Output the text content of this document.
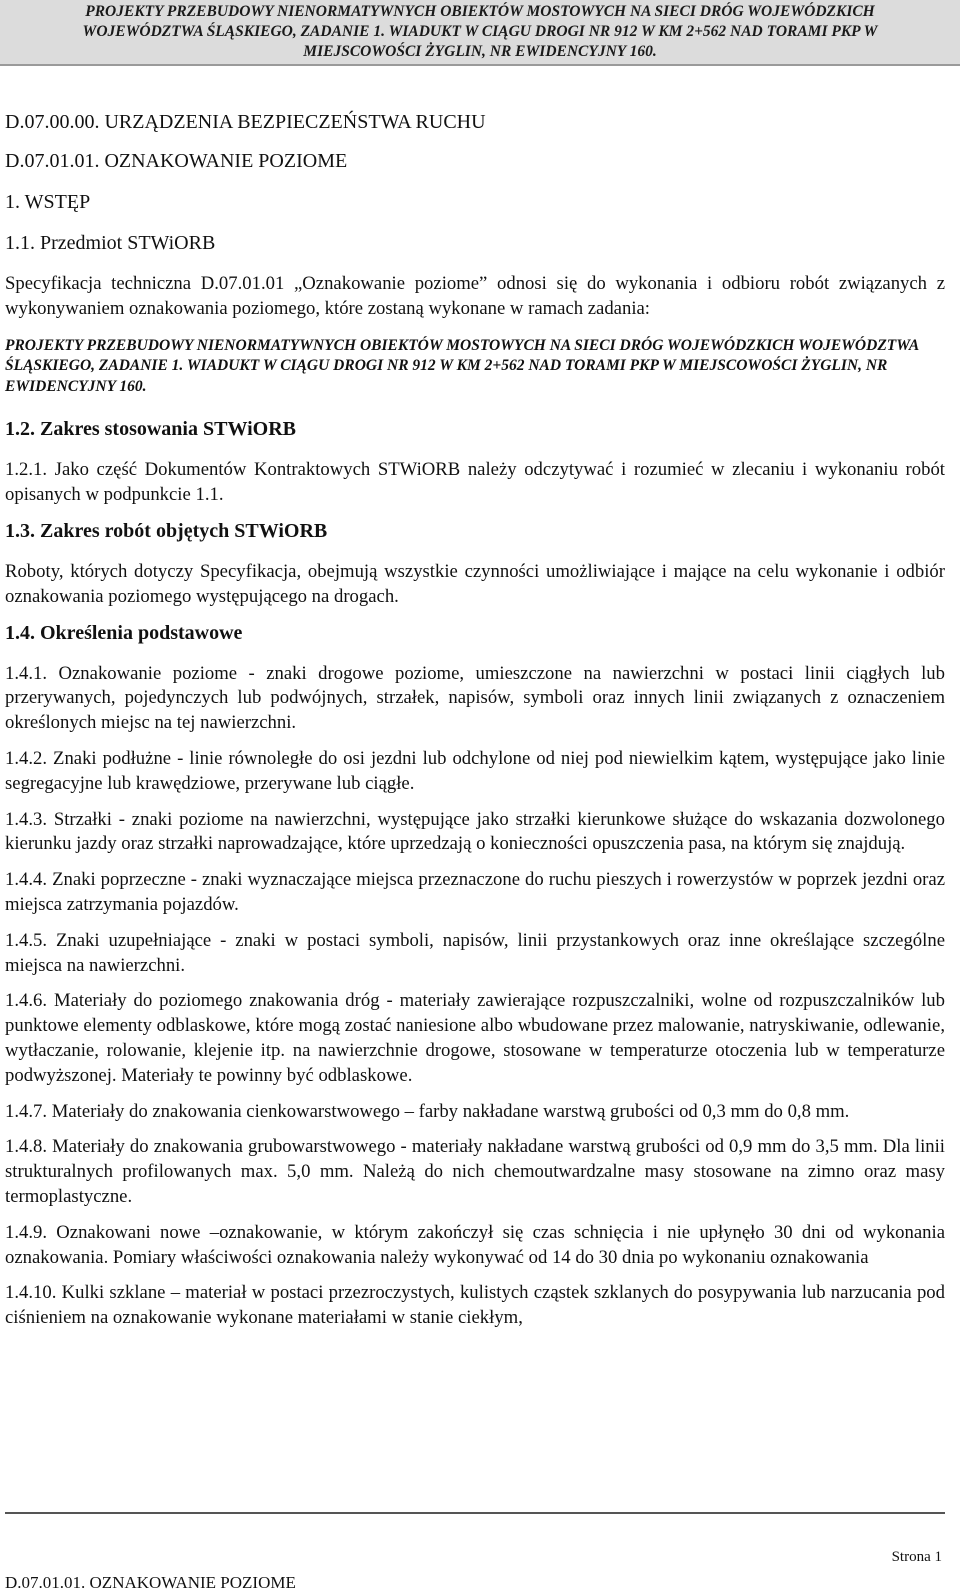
PROJEKTY PRZEBUDOWY NIENORMATYWNYCH OBIEKTÓW MOSTOWYCH NA SIECI DRÓG WOJEWÓDZKICH
WOJEWÓDZTWA ŚLĄSKIEGO, ZADANIE 1. WIADUKT W CIĄGU DROGI NR 912 W KM 2+562 NAD TORAMI PKP W
MIEJSCOWOŚCI ŻYGLIN, NR EWIDENCYJNY 160.
D.07.00.00. URZĄDZENIA BEZPIECZEŃSTWA RUCHU
D.07.01.01. OZNAKOWANIE POZIOME
1. WSTĘP
1.1. Przedmiot STWiORB

Specyfikacja techniczna D.07.01.01 „Oznakowanie poziome” odnosi się do wykonania i odbioru robót związanych z wykonywaniem oznakowania poziomego, które zostaną wykonane w ramach zadania:

PROJEKTY PRZEBUDOWY NIENORMATYWNYCH OBIEKTÓW MOSTOWYCH NA SIECI DRÓG WOJEWÓDZKICH WOJEWÓDZTWA ŚLĄSKIEGO, ZADANIE 1. WIADUKT W CIĄGU DROGI NR 912 W KM 2+562 NAD TORAMI PKP W MIEJSCOWOŚCI ŻYGLIN, NR EWIDENCYJNY 160.

1.2. Zakres stosowania STWiORB

1.2.1. Jako część Dokumentów Kontraktowych STWiORB należy odczytywać i rozumieć w zlecaniu i wykonaniu robót opisanych w podpunkcie 1.1.

1.3. Zakres robót objętych STWiORB

Roboty, których dotyczy Specyfikacja, obejmują wszystkie czynności umożliwiające i mające na celu wykonanie i odbiór oznakowania poziomego występującego na drogach.

1.4. Określenia podstawowe

1.4.1. Oznakowanie poziome - znaki drogowe poziome, umieszczone na nawierzchni w postaci linii ciągłych lub przerywanych, pojedynczych lub podwójnych, strzałek, napisów, symboli oraz innych linii związanych z oznaczeniem określonych miejsc na tej nawierzchni.

1.4.2. Znaki podłużne - linie równoległe do osi jezdni lub odchylone od niej pod niewielkim kątem, występujące jako linie segregacyjne lub krawędziowe, przerywane lub ciągłe.

1.4.3. Strzałki - znaki poziome na nawierzchni, występujące jako strzałki kierunkowe służące do wskazania dozwolonego kierunku jazdy oraz strzałki naprowadzające, które uprzedzają o konieczności opuszczenia pasa, na którym się znajdują.

1.4.4. Znaki poprzeczne - znaki wyznaczające miejsca przeznaczone do ruchu pieszych i rowerzystów w poprzek jezdni oraz miejsca zatrzymania pojazdów.

1.4.5. Znaki uzupełniające - znaki w postaci symboli, napisów, linii przystankowych oraz inne określające szczególne miejsca na nawierzchni.

1.4.6. Materiały do poziomego znakowania dróg - materiały zawierające rozpuszczalniki, wolne od rozpuszczalników lub punktowe elementy odblaskowe, które mogą zostać naniesione albo wbudowane przez malowanie, natryskiwanie, odlewanie, wytłaczanie, rolowanie, klejenie itp. na nawierzchnie drogowe, stosowane w temperaturze otoczenia lub w temperaturze podwyższonej. Materiały te powinny być odblaskowe.

1.4.7. Materiały do znakowania cienkowarstwowego – farby nakładane warstwą grubości od 0,3 mm do 0,8 mm.

1.4.8. Materiały do znakowania grubowarstwowego - materiały nakładane warstwą grubości od 0,9 mm do 3,5 mm. Dla linii strukturalnych profilowanych max. 5,0 mm. Należą do nich chemoutwardzalne masy stosowane na zimno oraz masy termoplastyczne.

1.4.9. Oznakowani nowe –oznakowanie, w którym zakończył się czas schnięcia i nie upłynęło 30 dni od wykonania oznakowania. Pomiary właściwości oznakowania należy wykonywać od 14 do 30 dnia po wykonaniu oznakowania

1.4.10. Kulki szklane – materiał w postaci przezroczystych, kulistych cząstek szklanych do posypywania lub narzucania pod ciśnieniem na oznakowanie wykonane materiałami w stanie ciekłym,

Strona 1
D.07.01.01. OZNAKOWANIE POZIOME
